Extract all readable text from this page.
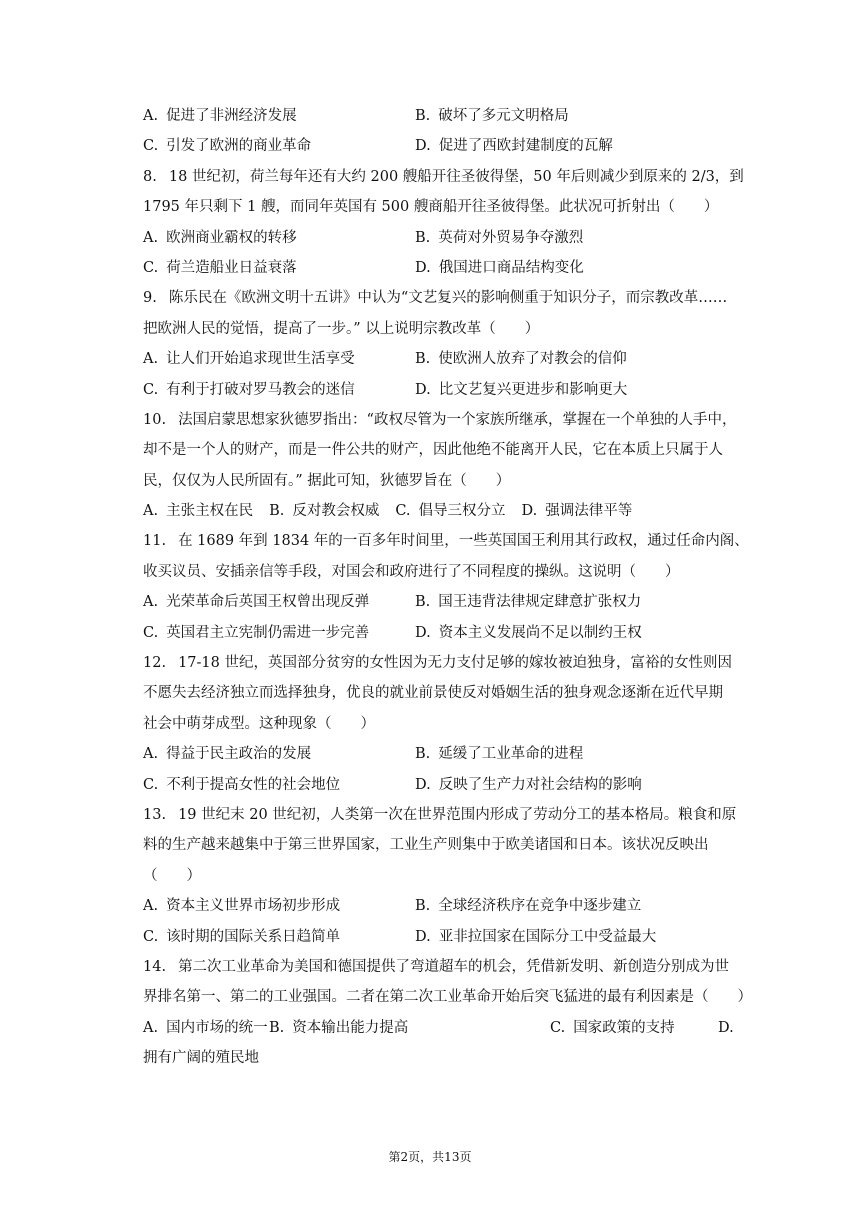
A. 促进了非洲经济发展	B. 破坏了多元文明格局
C. 引发了欧洲的商业革命	D. 促进了西欧封建制度的瓦解
8. 18 世纪初，荷兰每年还有大约 200 艘船开往圣彼得堡，50 年后则减少到原来的 2/3，到
1795 年只剩下 1 艘，而同年英国有 500 艘商船开往圣彼得堡。此状况可折射出（　　）
A. 欧洲商业霸权的转移	B. 英荷对外贸易争夺激烈
C. 荷兰造船业日益衰落	D. 俄国进口商品结构变化
9. 陈乐民在《欧洲文明十五讲》中认为“文艺复兴的影响侧重于知识分子，而宗教改革……
把欧洲人民的觉悟，提高了一步。” 以上说明宗教改革（　　）
A. 让人们开始追求现世生活享受	B. 使欧洲人放弃了对教会的信仰
C. 有利于打破对罗马教会的迷信	D. 比文艺复兴更进步和影响更大
10. 法国启蒙思想家狄德罗指出：“政权尽管为一个家族所继承，掌握在一个单独的人手中，
却不是一个人的财产，而是一件公共的财产，因此他绝不能离开人民，它在本质上只属于人
民，仅仅为人民所固有。” 据此可知，狄德罗旨在（　　）
A. 主张主权在民 B. 反对教会权威 C. 倡导三权分立 D. 强调法律平等
11. 在 1689 年到 1834 年的一百多年时间里，一些英国国王利用其行政权，通过任命内阁、
收买议员、安插亲信等手段，对国会和政府进行了不同程度的操纵。这说明（　　）
A. 光荣革命后英国王权曾出现反弹	B. 国王违背法律规定肆意扩张权力
C. 英国君主立宪制仍需进一步完善	D. 资本主义发展尚不足以制约王权
12. 17-18 世纪，英国部分贫穷的女性因为无力支付足够的嫁妆被迫独身，富裕的女性则因
不愿失去经济独立而选择独身，优良的就业前景使反对婚姻生活的独身观念逐渐在近代早期
社会中萌芽成型。这种现象（　　）
A. 得益于民主政治的发展	B. 延缓了工业革命的进程
C. 不利于提高女性的社会地位	D. 反映了生产力对社会结构的影响
13. 19 世纪末 20 世纪初，人类第一次在世界范围内形成了劳动分工的基本格局。粮食和原
料的生产越来越集中于第三世界国家，工业生产则集中于欧美诸国和日本。该状况反映出
（　　）
A. 资本主义世界市场初步形成	B. 全球经济秩序在竞争中逐步建立
C. 该时期的国际关系日趋简单	D. 亚非拉国家在国际分工中受益最大
14. 第二次工业革命为美国和德国提供了弯道超车的机会，凭借新发明、新创造分别成为世
界排名第一、第二的工业强国。二者在第二次工业革命开始后突飞猛进的最有利因素是（　　）
A. 国内市场的统一 B. 资本输出能力提高	C. 国家政策的支持	D.
拥有广阔的殖民地
第2页，共13页
